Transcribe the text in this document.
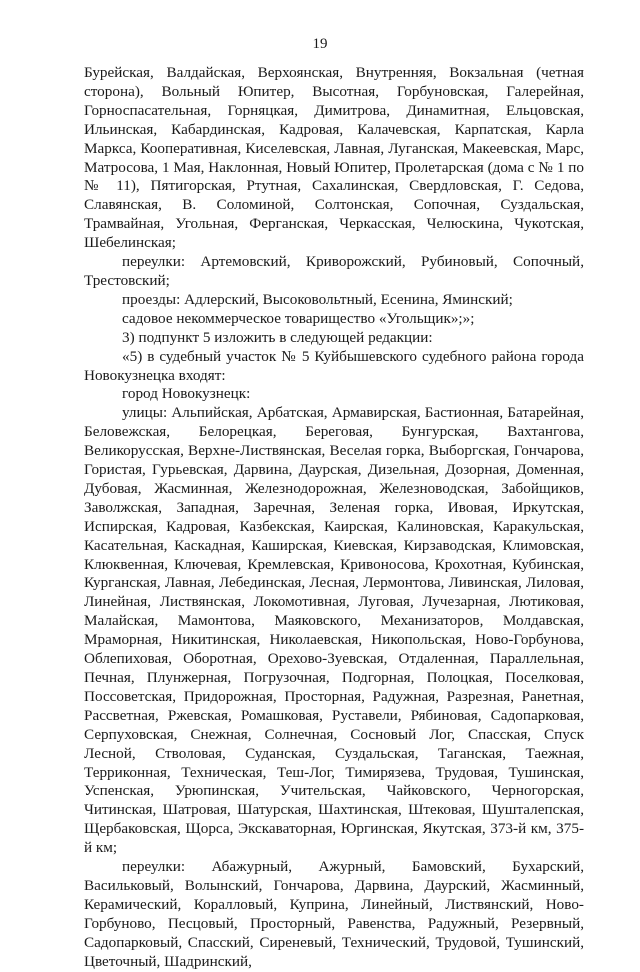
19

Бурейская, Валдайская, Верхоянская, Внутренняя, Вокзальная (четная сторона), Вольный Юпитер, Высотная, Горбуновская, Галерейная, Горноспасательная, Горняцкая, Димитрова, Динамитная, Ельцовская, Ильинская, Кабардинская, Кадровая, Калачевская, Карпатская, Карла Маркса, Кооперативная, Киселевская, Лавная, Луганская, Макеевская, Марс, Матросова, 1 Мая, Наклонная, Новый Юпитер, Пролетарская (дома с № 1 по № 11), Пятигорская, Ртутная, Сахалинская, Свердловская, Г. Седова, Славянская, В. Соломиной, Солтонская, Сопочная, Суздальская, Трамвайная, Угольная, Ферганская, Черкасская, Челюскина, Чукотская, Шебелинская;

переулки: Артемовский, Криворожский, Рубиновый, Сопочный, Трестовский;

проезды: Адлерский, Высоковольтный, Есенина, Яминский;

садовое некоммерческое товарищество «Угольщик»;»;

3) подпункт 5 изложить в следующей редакции:

«5) в судебный участок № 5 Куйбышевского судебного района города Новокузнецка входят:

город Новокузнецк:

улицы: Альпийская, Арбатская, Армавирская, Бастионная, Батарейная, Беловежская, Белорецкая, Береговая, Бунгурская, Вахтангова, Великорусская, Верхне-Листвянская, Веселая горка, Выборгская, Гончарова, Гористая, Гурьевская, Дарвина, Даурская, Дизельная, Дозорная, Доменная, Дубовая, Жасминная, Железнодорожная, Железноводская, Забойщиков, Заволжская, Западная, Заречная, Зеленая горка, Ивовая, Иркутская, Испирская, Кадровая, Казбекская, Каирская, Калиновская, Каракульская, Касательная, Каскадная, Каширская, Киевская, Кирзаводская, Климовская, Клюквенная, Ключевая, Кремлевская, Кривоносова, Крохотная, Кубинская, Курганская, Лавная, Лебединская, Лесная, Лермонтова, Ливинская, Лиловая, Линейная, Листвянская, Локомотивная, Луговая, Лучезарная, Лютиковая, Малайская, Мамонтова, Маяковского, Механизаторов, Молдавская, Мраморная, Никитинская, Николаевская, Никопольская, Ново-Горбунова, Облепиховая, Оборотная, Орехово-Зуевская, Отдаленная, Параллельная, Печная, Плунжерная, Погрузочная, Подгорная, Полоцкая, Поселковая, Поссоветская, Придорожная, Просторная, Радужная, Разрезная, Ранетная, Рассветная, Ржевская, Ромашковая, Руставели, Рябиновая, Садопарковая, Серпуховская, Снежная, Солнечная, Сосновый Лог, Спасская, Спуск Лесной, Стволовая, Суданская, Суздальская, Таганская, Таежная, Терриконная, Техническая, Теш-Лог, Тимирязева, Трудовая, Тушинская, Успенская, Урюпинская, Учительская, Чайковского, Черногорская, Читинская, Шатровая, Шатурская, Шахтинская, Штековая, Шушталепская, Щербаковская, Щорса, Экскаваторная, Юргинская, Якутская, 373-й км, 375-й км;

переулки: Абажурный, Ажурный, Бамовский, Бухарский, Васильковый, Волынский, Гончарова, Дарвина, Даурский, Жасминный, Керамический, Коралловый, Куприна, Линейный, Листвянский, Ново-Горбуново, Песцовый, Просторный, Равенства, Радужный, Резервный, Садопарковый, Спасский, Сиреневый, Технический, Трудовой, Тушинский, Цветочный, Шадринский,
